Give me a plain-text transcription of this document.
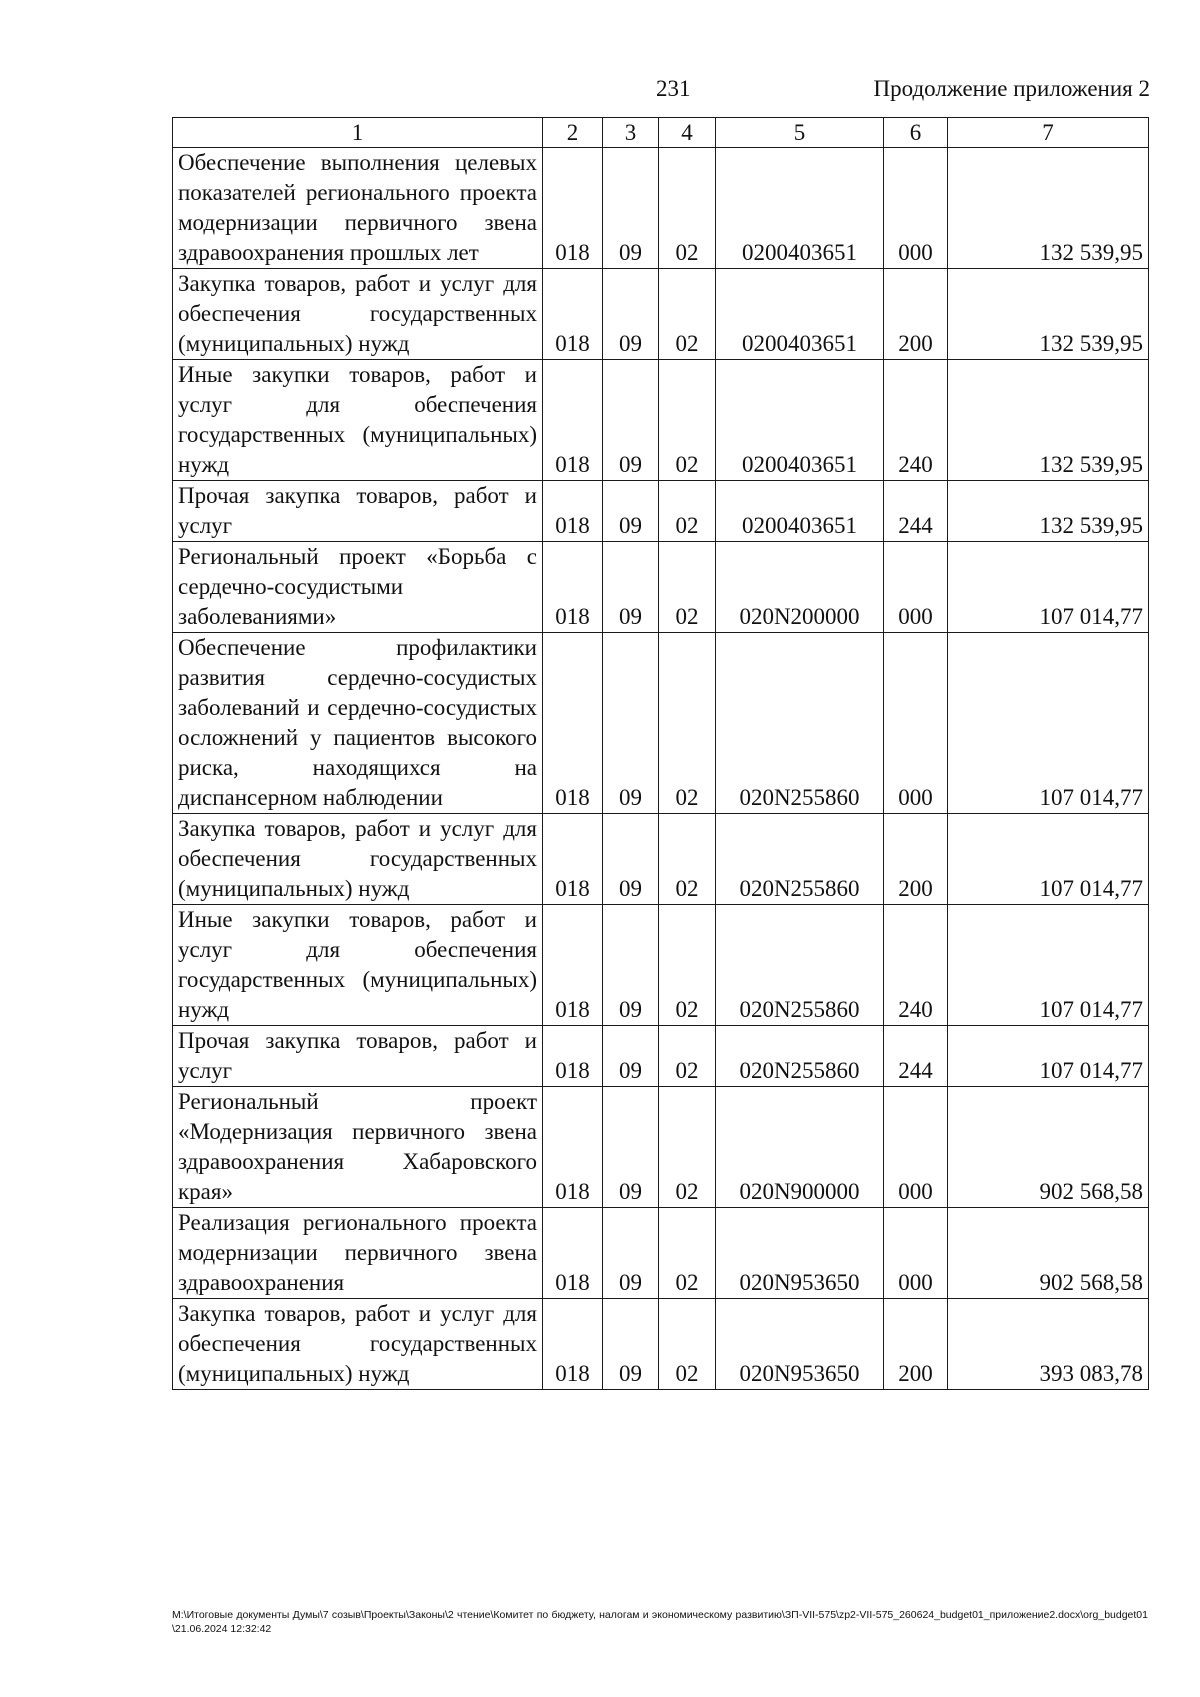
231	Продолжение приложения 2
1	2	3	4	5	6	7
Обеспечение выполнения целевых показателей регионального проекта модернизации первичного звена здравоохранения прошлых лет	018	09	02	0200403651	000	132 539,95
Закупка товаров, работ и услуг для обеспечения государственных (муниципальных) нужд	018	09	02	0200403651	200	132 539,95
Иные закупки товаров, работ и услуг для обеспечения государственных (муниципальных) нужд	018	09	02	0200403651	240	132 539,95
Прочая закупка товаров, работ и услуг	018	09	02	0200403651	244	132 539,95
Региональный проект «Борьба с сердечно-сосудистыми заболеваниями»	018	09	02	020N200000	000	107 014,77
Обеспечение профилактики развития сердечно-сосудистых заболеваний и сердечно-сосудистых осложнений у пациентов высокого риска, находящихся на диспансерном наблюдении	018	09	02	020N255860	000	107 014,77
Закупка товаров, работ и услуг для обеспечения государственных (муниципальных) нужд	018	09	02	020N255860	200	107 014,77
Иные закупки товаров, работ и услуг для обеспечения государственных (муниципальных) нужд	018	09	02	020N255860	240	107 014,77
Прочая закупка товаров, работ и услуг	018	09	02	020N255860	244	107 014,77
Региональный проект «Модернизация первичного звена здравоохранения Хабаровского края»	018	09	02	020N900000	000	902 568,58
Реализация регионального проекта модернизации первичного звена здравоохранения	018	09	02	020N953650	000	902 568,58
Закупка товаров, работ и услуг для обеспечения государственных (муниципальных) нужд	018	09	02	020N953650	200	393 083,78
М:\Итоговые документы Думы\7 созыв\Проекты\Законы\2 чтение\Комитет по бюджету, налогам и экономическому развитию\ЗП-VII-575\zp2-VII-575_260624_budget01_приложение2.docx\org_budget01\21.06.2024 12:32:42
